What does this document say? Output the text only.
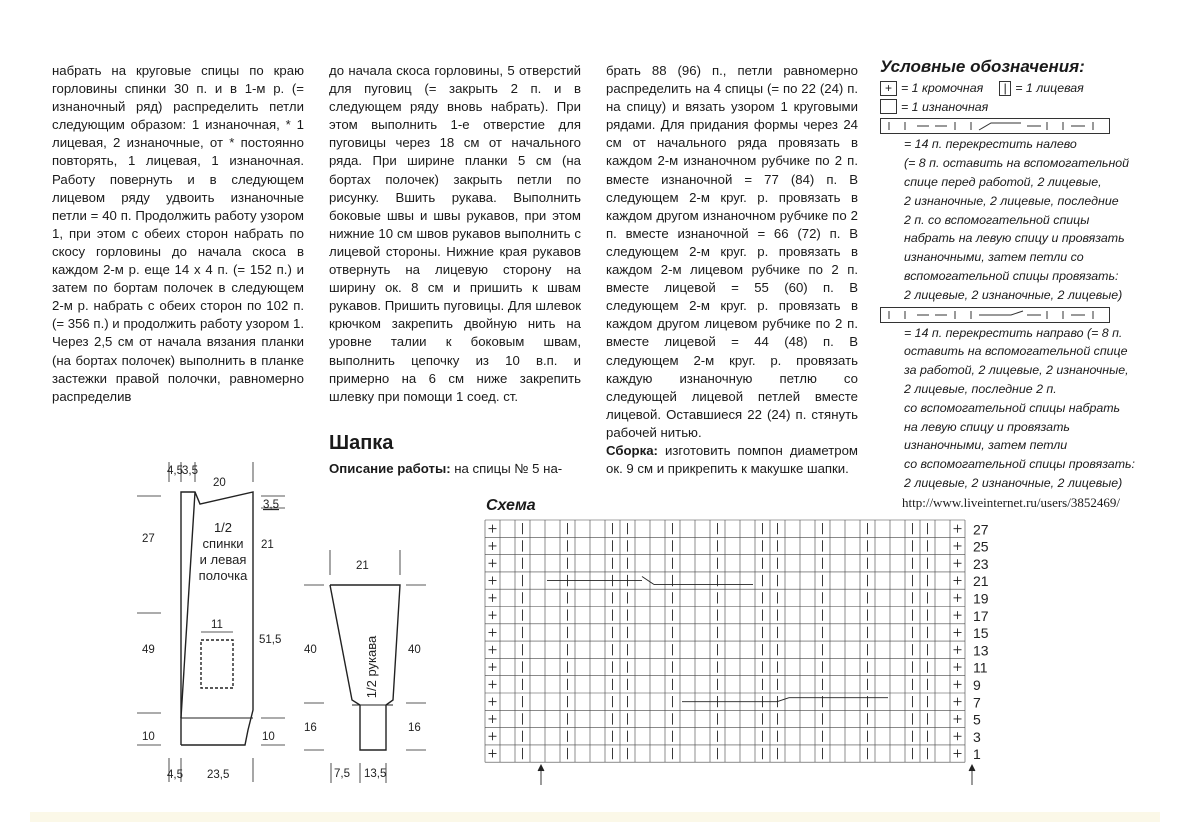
набрать на круговые спицы по краю горловины спинки 30 п. и в 1-м р. (= изнаночный ряд) распределить петли следующим образом: 1 изнаночная, * 1 лицевая, 2 изнаночные, от * постоянно повторять, 1 лицевая, 1 изнаночная. Работу повернуть и в следующем лицевом ряду удвоить изнаночные петли = 40 п. Продолжить работу узором 1, при этом с обеих сторон набрать по скосу горловины до начала скоса в каждом 2-м р. еще 14 х 4 п. (= 152 п.) и затем по бортам полочек в следующем 2-м р. набрать с обеих сторон по 102 п. (= 356 п.) и продолжить работу узором 1. Через 2,5 см от начала вязания планки (на бортах полочек) выполнить в планке застежки правой полочки, равномерно распределив

до начала скоса горловины, 5 отверстий для пуговиц (= закрыть 2 п. и в следующем ряду вновь набрать). При этом выполнить 1-е отверстие для пуговицы через 18 см от начального ряда. При ширине планки 5 см (на бортах полочек) закрыть петли по рисунку. Вшить рукава. Выполнить боковые швы и швы рукавов, при этом нижние 10 см швов рукавов выполнить с лицевой стороны. Нижние края рукавов отвернуть на лицевую сторону на ширину ок. 8 см и пришить к швам рукавов. Пришить пуговицы. Для шлевок крючком закрепить двойную нить на уровне талии к боковым швам, выполнить цепочку из 10 в.п. и примерно на 6 см ниже закрепить шлевку при помощи 1 соед. ст.

Шапка
Описание работы: на спицы № 5 на-

брать 88 (96) п., петли равномерно распределить на 4 спицы (= по 22 (24) п. на спицу) и вязать узором 1 круговыми рядами. Для придания формы через 24 см от начального ряда провязать в каждом 2-м изнаночном рубчике по 2 п. вместе изнаночной = 77 (84) п. В следующем 2-м круг. р. провязать в каждом другом изнаночном рубчике по 2 п. вместе изнаночной = 66 (72) п. В следующем 2-м круг. р. провязать в каждом 2-м лицевом рубчике по 2 п. вместе лицевой = 55 (60) п. В следующем 2-м круг. р. провязать в каждом другом лицевом рубчике по 2 п. вместе лицевой = 44 (48) п. В следующем 2-м круг. р. провязать каждую изнаночную петлю со следующей лицевой петлей вместе лицевой. Оставшиеся 22 (24) п. стянуть рабочей нитью.

Сборка: изготовить помпон диаметром ок. 9 см и прикрепить к макушке шапки.

Условные обозначения:
+ = 1 кромочная	| = 1 лицевая
= 1 изнаночная
= 14 п. перекрестить налево
(= 8 п. оставить на вспомогательной
спице перед работой, 2 лицевые,
2 изнаночные, 2 лицевые, последние
2 п. со вспомогательной спицы
набрать на левую спицу и провязать
изнаночными, затем петли со
вспомогательной спицы провязать:
2 лицевые, 2 изнаночные, 2 лицевые)
= 14 п. перекрестить направо (= 8 п.
оставить на вспомогательной спице
за работой, 2 лицевые, 2 изнаночные,
2 лицевые, последние 2 п.
со вспомогательной спицы набрать
на левую спицу и провязать
изнаночными, затем петли
со вспомогательной спицы провязать:
2 лицевые, 2 изнаночные, 2 лицевые)
http://www.liveinternet.ru/users/3852469/
4,5 3,5
20
3,5
27	21
11
49
51,5
10	10
4,5 23,5
1/2
спинки
и левая
полочка
21
40	40
16	16
7,5 13,5
1/2 рукава
Схема
27
25
23
21
19
17
15
13
11
9
7
5
3
1
